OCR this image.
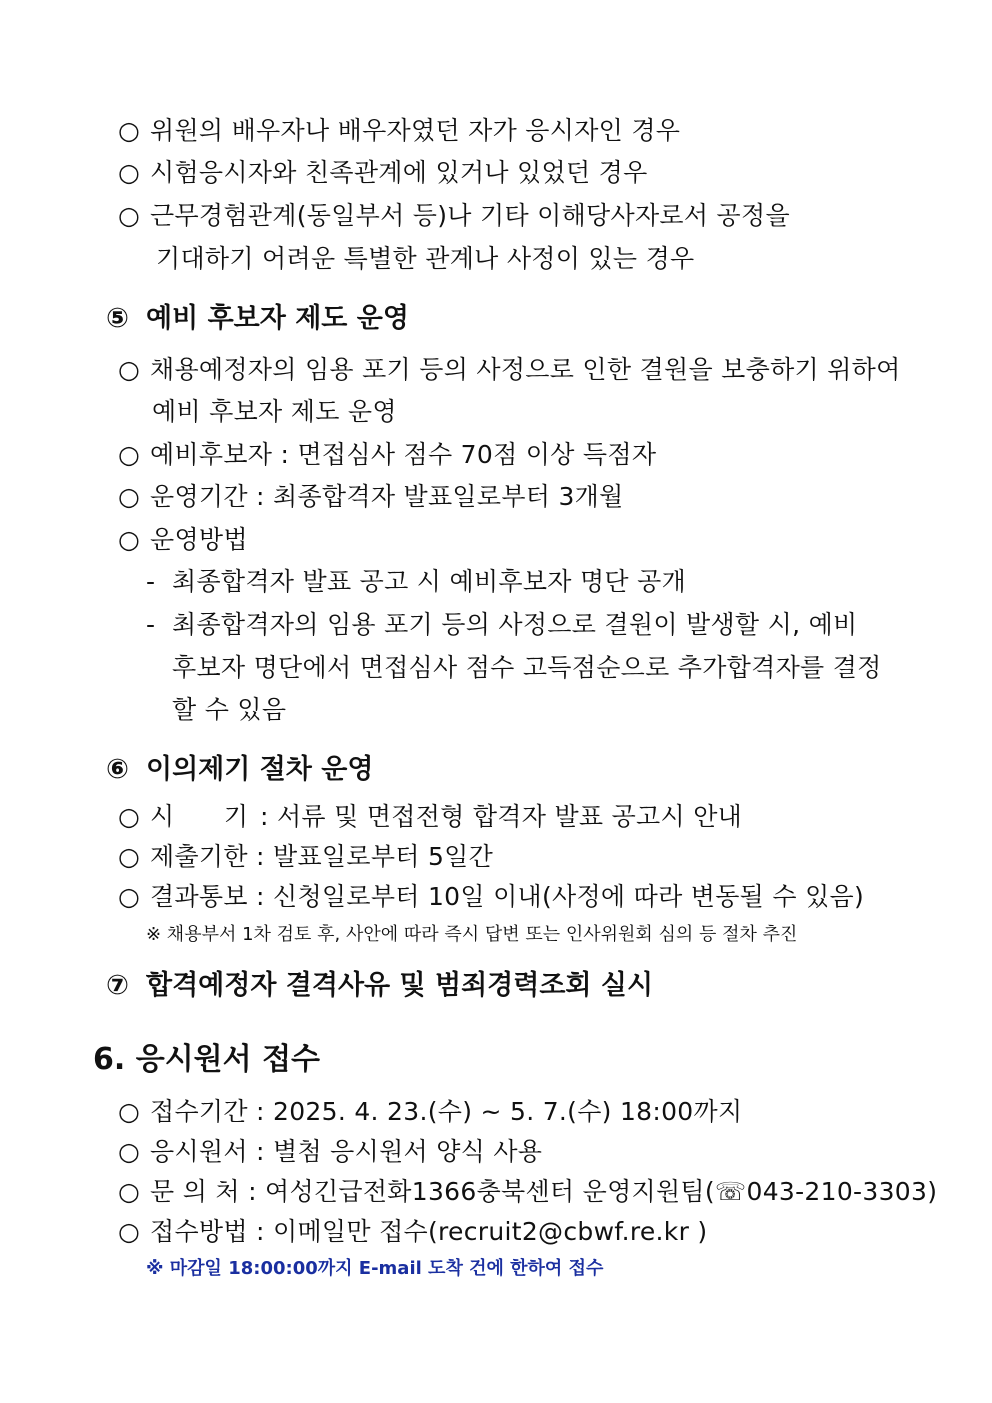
○ 위원의 배우자나 배우자였던 자가 응시자인 경우
○ 시험응시자와 친족관계에 있거나 있었던 경우
○ 근무경험관계(동일부서 등)나 기타 이해당사자로서 공정을
기대하기 어려운 특별한 관계나 사정이 있는 경우
⑤ 예비 후보자 제도 운영
○ 채용예정자의 임용 포기 등의 사정으로 인한 결원을 보충하기 위하여
예비 후보자 제도 운영
○ 예비후보자 : 면접심사 점수 70점 이상 득점자
○ 운영기간 : 최종합격자 발표일로부터 3개월
○ 운영방법
- 최종합격자 발표 공고 시 예비후보자 명단 공개
- 최종합격자의 임용 포기 등의 사정으로 결원이 발생할 시, 예비
후보자 명단에서 면접심사 점수 고득점순으로 추가합격자를 결정
할 수 있음
⑥ 이의제기 절차 운영
○ 시      기 : 서류 및 면접전형 합격자 발표 공고시 안내
○ 제출기한 : 발표일로부터 5일간
○ 결과통보 : 신청일로부터 10일 이내(사정에 따라 변동될 수 있음)
※ 채용부서 1차 검토 후, 사안에 따라 즉시 답변 또는 인사위원회 심의 등 절차 추진
⑦ 합격예정자 결격사유 및 범죄경력조회 실시
6. 응시원서 접수
○ 접수기간 : 2025. 4. 23.(수) ~ 5. 7.(수) 18:00까지
○ 응시원서 : 별첨 응시원서 양식 사용
○ 문 의 처 : 여성긴급전화1366충북센터 운영지원팀(☏043-210-3303)
○ 접수방법 : 이메일만 접수(recruit2@cbwf.re.kr )
※ 마감일 18:00:00까지 E-mail 도착 건에 한하여 접수
